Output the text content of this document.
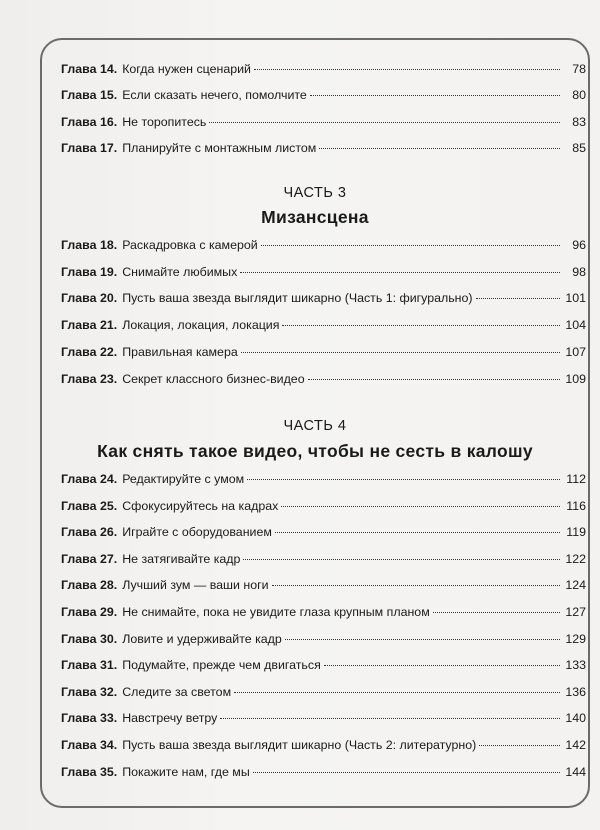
ЧАСТЬ 3
Мизансцена
ЧАСТЬ 4
Как снять такое видео, чтобы не сесть в калошу
Глава 14. Когда нужен сценарий	78
Глава 15. Если сказать нечего, помолчите	80
Глава 16. Не торопитесь	83
Глава 17. Планируйте с монтажным листом	85
Глава 18. Раскадровка с камерой	96
Глава 19. Снимайте любимых	98
Глава 20. Пусть ваша звезда выглядит шикарно (Часть 1: фигурально)	101
Глава 21. Локация, локация, локация	104
Глава 22. Правильная камера	107
Глава 23. Секрет классного бизнес-видео	109
Глава 24. Редактируйте с умом	112
Глава 25. Сфокусируйтесь на кадрах	116
Глава 26. Играйте с оборудованием	119
Глава 27. Не затягивайте кадр	122
Глава 28. Лучший зум — ваши ноги	124
Глава 29. Не снимайте, пока не увидите глаза крупным планом	127
Глава 30. Ловите и удерживайте кадр	129
Глава 31. Подумайте, прежде чем двигаться	133
Глава 32. Следите за светом	136
Глава 33. Навстречу ветру	140
Глава 34. Пусть ваша звезда выглядит шикарно (Часть 2: литературно)	142
Глава 35. Покажите нам, где мы	144
